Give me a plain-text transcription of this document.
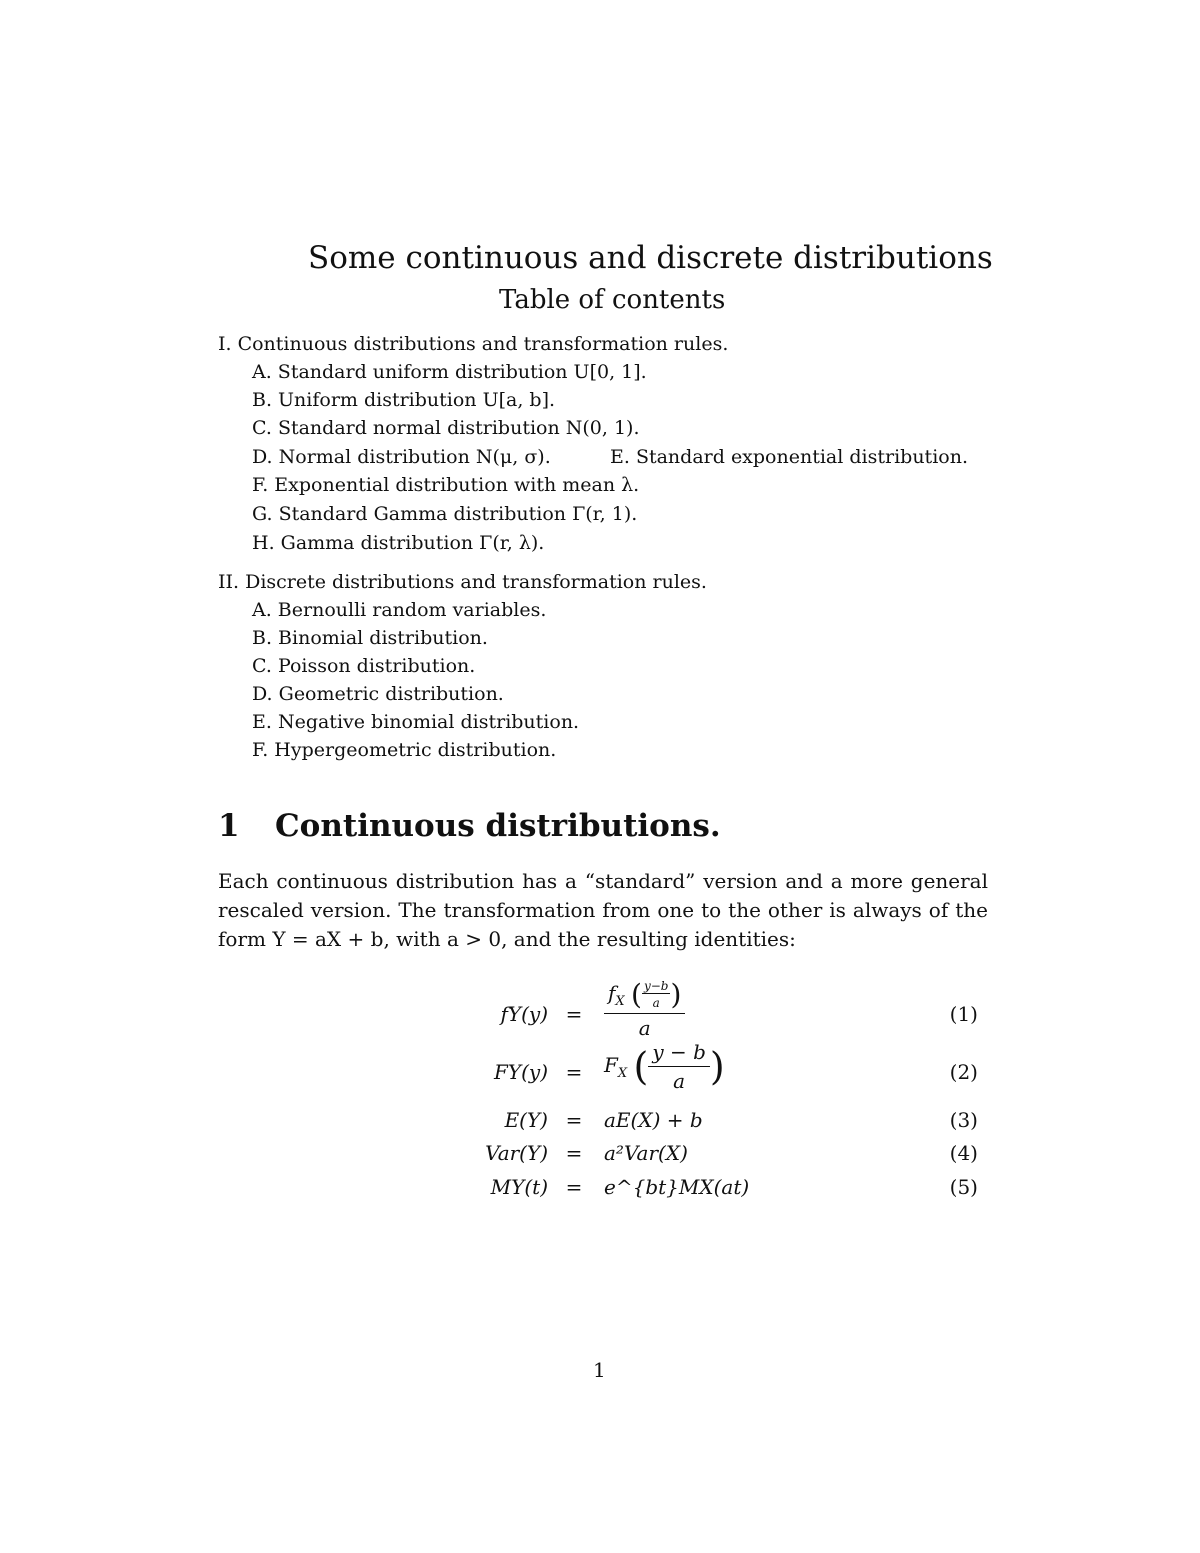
Some continuous and discrete distributions
Table of contents
I. Continuous distributions and transformation rules.
A. Standard uniform distribution U[0, 1].
B. Uniform distribution U[a, b].
C. Standard normal distribution N(0, 1).
D. Normal distribution N(μ, σ).	E. Standard exponential distribution.
F. Exponential distribution with mean λ.
G. Standard Gamma distribution Γ(r, 1).
H. Gamma distribution Γ(r, λ).
II. Discrete distributions and transformation rules.
A. Bernoulli random variables.
B. Binomial distribution.
C. Poisson distribution.
D. Geometric distribution.
E. Negative binomial distribution.
F. Hypergeometric distribution.
1 Continuous distributions.
Each continuous distribution has a “standard” version and a more general rescaled version. The transformation from one to the other is always of the form Y = aX + b, with a > 0, and the resulting identities:
fY(y) =	$\frac{f_X ( \frac{y-b}{a} )}{a}$	(1)
FY(y) =	$F_X$ ( $\frac{y - b}{a}$ )	(2)
E(Y) =	aE(X) + b	(3)
Var(Y) =	a²Var(X)	(4)
MY(t) =	e^{bt}MX(at)	(5)
1
